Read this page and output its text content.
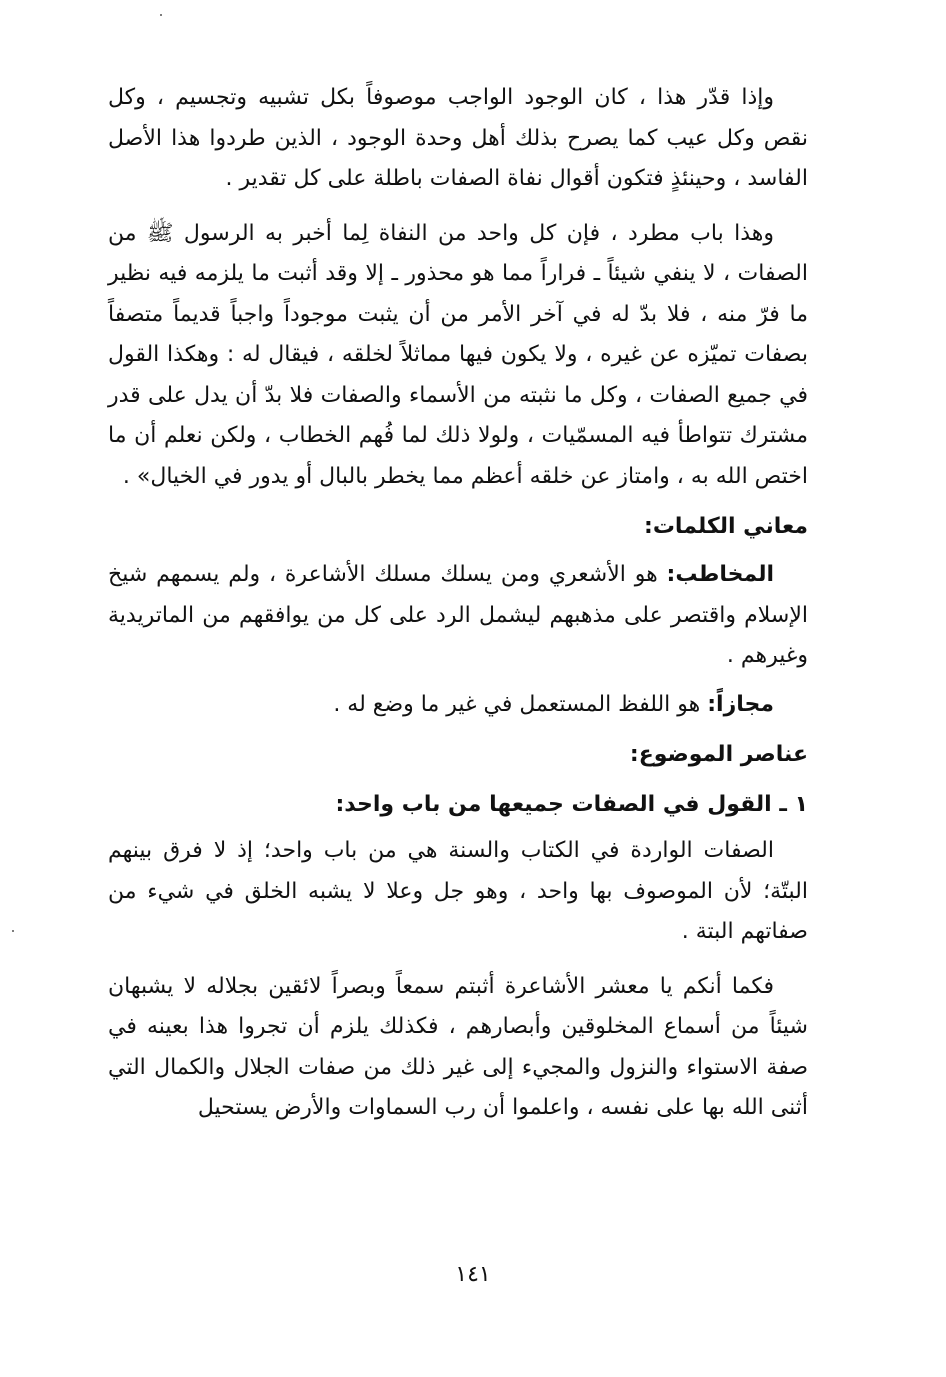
وإذا قدّر هذا ، كان الوجود الواجب موصوفاً بكل تشبيه وتجسيم ، وكل نقص وكل عيب كما يصرح بذلك أهل وحدة الوجود ، الذين طردوا هذا الأصل الفاسد ، وحينئذٍ فتكون أقوال نفاة الصفات باطلة على كل تقدير .

وهذا باب مطرد ، فإن كل واحد من النفاة لِما أخبر به الرسول ﷺ من الصفات ، لا ينفي شيئاً ـ فراراً مما هو محذور ـ إلا وقد أثبت ما يلزمه فيه نظير ما فرّ منه ، فلا بدّ له في آخر الأمر من أن يثبت موجوداً واجباً قديماً متصفاً بصفات تميّزه عن غيره ، ولا يكون فيها مماثلاً لخلقه ، فيقال له : وهكذا القول في جميع الصفات ، وكل ما نثبته من الأسماء والصفات فلا بدّ أن يدل على قدر مشترك تتواطأ فيه المسمّيات ، ولولا ذلك لما فُهم الخطاب ، ولكن نعلم أن ما اختص الله به ، وامتاز عن خلقه أعظم مما يخطر بالبال أو يدور في الخيال» .

معاني الكلمات:

المخاطب: هو الأشعري ومن يسلك مسلك الأشاعرة ، ولم يسمهم شيخ الإسلام واقتصر على مذهبهم ليشمل الرد على كل من يوافقهم من الماتريدية وغيرهم .

مجازاً: هو اللفظ المستعمل في غير ما وضع له .

عناصر الموضوع:
١ ـ القول في الصفات جميعها من باب واحد:

الصفات الواردة في الكتاب والسنة هي من باب واحد؛ إذ لا فرق بينهم البتّة؛ لأن الموصوف بها واحد ، وهو جل وعلا لا يشبه الخلق في شيء من صفاتهم البتة .

فكما أنكم يا معشر الأشاعرة أثبتم سمعاً وبصراً لائقين بجلاله لا يشبهان شيئاً من أسماع المخلوقين وأبصارهم ، فكذلك يلزم أن تجروا هذا بعينه في صفة الاستواء والنزول والمجيء إلى غير ذلك من صفات الجلال والكمال التي أثنى الله بها على نفسه ، واعلموا أن رب السماوات والأرض يستحيل

١٤١
